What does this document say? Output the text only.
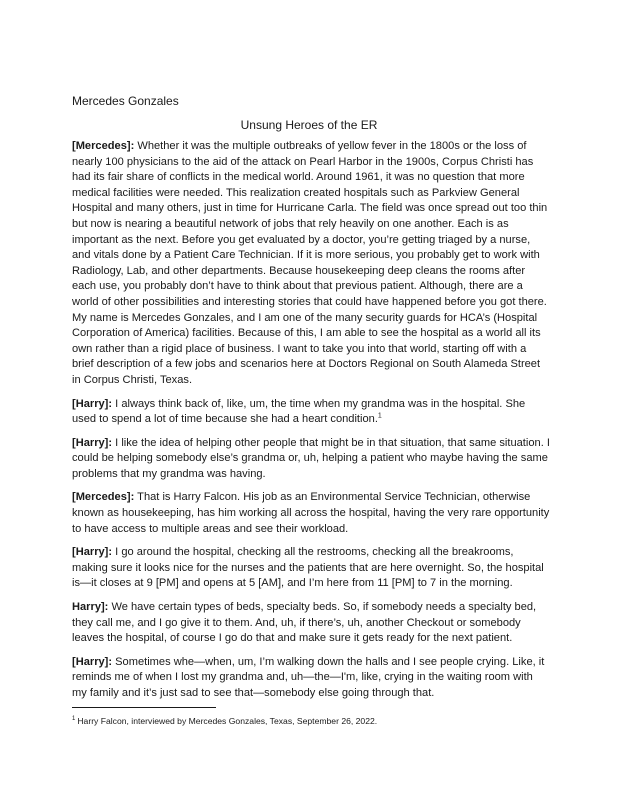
Mercedes Gonzales
Unsung Heroes of the ER

[Mercedes]: Whether it was the multiple outbreaks of yellow fever in the 1800s or the loss of nearly 100 physicians to the aid of the attack on Pearl Harbor in the 1900s, Corpus Christi has had its fair share of conflicts in the medical world. Around 1961, it was no question that more medical facilities were needed. This realization created hospitals such as Parkview General Hospital and many others, just in time for Hurricane Carla. The field was once spread out too thin but now is nearing a beautiful network of jobs that rely heavily on one another. Each is as important as the next. Before you get evaluated by a doctor, you’re getting triaged by a nurse, and vitals done by a Patient Care Technician. If it is more serious, you probably get to work with Radiology, Lab, and other departments. Because housekeeping deep cleans the rooms after each use, you probably don’t have to think about that previous patient. Although, there are a world of other possibilities and interesting stories that could have happened before you got there. My name is Mercedes Gonzales, and I am one of the many security guards for HCA’s (Hospital Corporation of America) facilities. Because of this, I am able to see the hospital as a world all its own rather than a rigid place of business. I want to take you into that world, starting off with a brief description of a few jobs and scenarios here at Doctors Regional on South Alameda Street in Corpus Christi, Texas.

[Harry]: I always think back of, like, um, the time when my grandma was in the hospital. She used to spend a lot of time because she had a heart condition.$^1$

[Harry]: I like the idea of helping other people that might be in that situation, that same situation. I could be helping somebody else’s grandma or, uh, helping a patient who maybe having the same problems that my grandma was having.

[Mercedes]: That is Harry Falcon. His job as an Environmental Service Technician, otherwise known as housekeeping, has him working all across the hospital, having the very rare opportunity to have access to multiple areas and see their workload.

[Harry]: I go around the hospital, checking all the restrooms, checking all the breakrooms, making sure it looks nice for the nurses and the patients that are here overnight. So, the hospital is—it closes at 9 [PM] and opens at 5 [AM], and I’m here from 11 [PM] to 7 in the morning.

Harry]: We have certain types of beds, specialty beds. So, if somebody needs a specialty bed, they call me, and I go give it to them. And, uh, if there’s, uh, another Checkout or somebody leaves the hospital, of course I go do that and make sure it gets ready for the next patient.

[Harry]: Sometimes whe—when, um, I’m walking down the halls and I see people crying. Like, it reminds me of when I lost my grandma and, uh—the—I'm, like, crying in the waiting room with my family and it’s just sad to see that—somebody else going through that.

$^1$ Harry Falcon, interviewed by Mercedes Gonzales, Texas, September 26, 2022.
